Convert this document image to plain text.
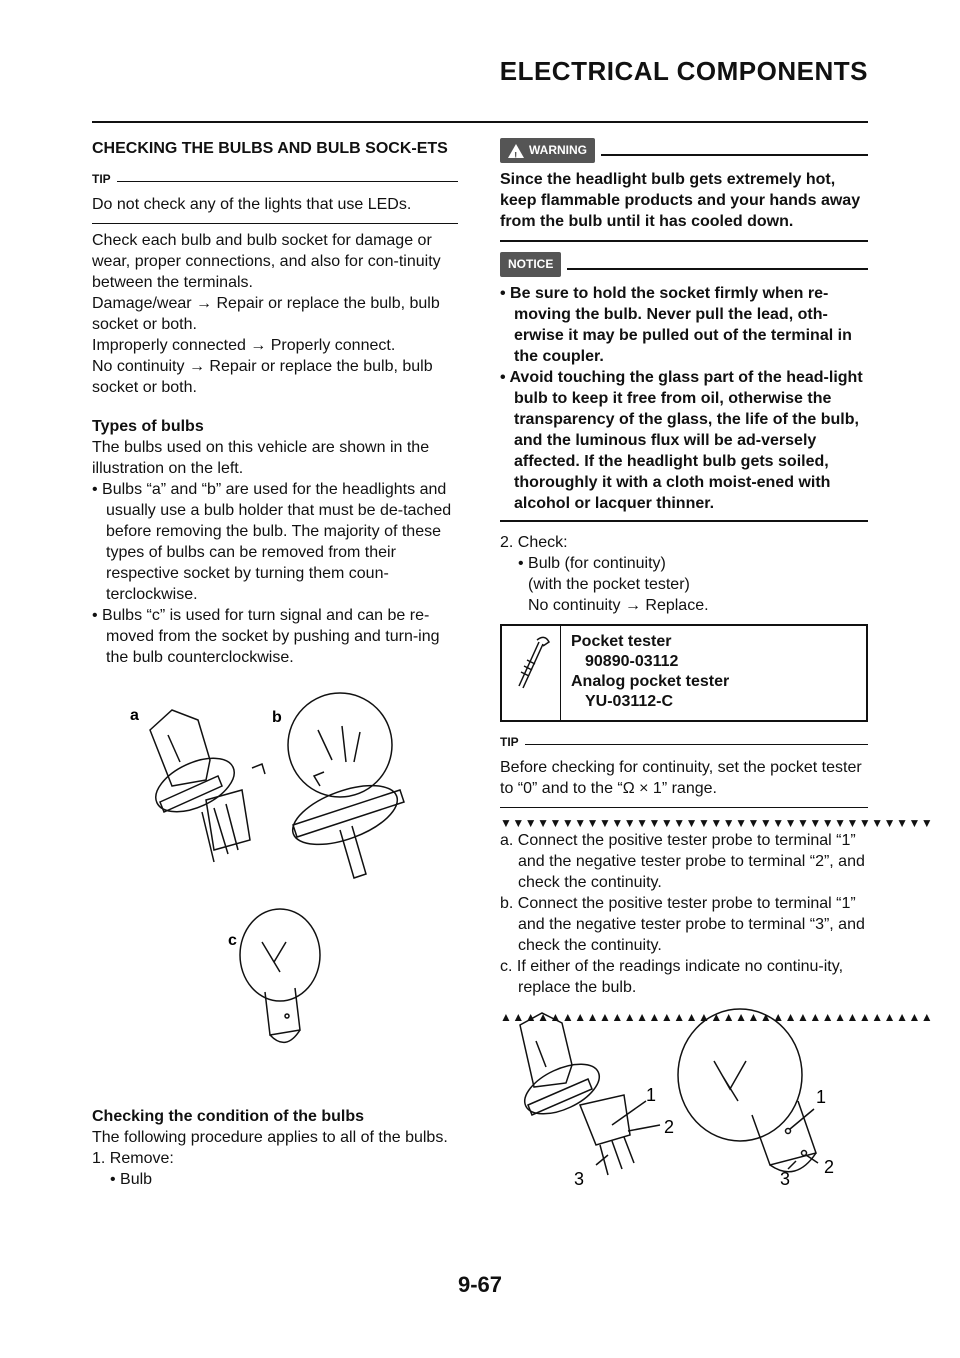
ELECTRICAL COMPONENTS
CHECKING THE BULBS AND BULB SOCK-ETS
TIP
Do not check any of the lights that use LEDs.

Check each bulb and bulb socket for damage or wear, proper connections, and also for con-tinuity between the terminals.

Damage/wear → Repair or replace the bulb, bulb socket or both.

Improperly connected → Properly connect.

No continuity → Repair or replace the bulb, bulb socket or both.

Types of bulbs

The bulbs used on this vehicle are shown in the illustration on the left.

• Bulbs “a” and “b” are used for the headlights and usually use a bulb holder that must be de-tached before removing the bulb. The majority of these types of bulbs can be removed from their respective socket by turning them coun-terclockwise.

• Bulbs “c” is used for turn signal and can be re-moved from the socket by pushing and turn-ing the bulb counterclockwise.

a	b
c

Checking the condition of the bulbs

The following procedure applies to all of the bulbs.

1. Remove:

• Bulb

! WARNING
Since the headlight bulb gets extremely hot, keep flammable products and your hands away from the bulb until it has cooled down.
NOTICE

• Be sure to hold the socket firmly when re-moving the bulb. Never pull the lead, oth-erwise it may be pulled out of the terminal in the coupler.

• Avoid touching the glass part of the head-light bulb to keep it free from oil, otherwise the transparency of the glass, the life of the bulb, and the luminous flux will be ad-versely affected. If the headlight bulb gets soiled, thoroughly it with a cloth moist-ened with alcohol or lacquer thinner.

2. Check:

• Bulb (for continuity)

(with the pocket tester)

No continuity → Replace.

Pocket tester
90890-03112
Analog pocket tester
YU-03112-C
TIP
Before checking for continuity, set the pocket tester to “0” and to the “Ω × 1” range.
▼▼▼▼▼▼▼▼▼▼▼▼▼▼▼▼▼▼▼▼▼▼▼▼▼▼▼▼▼▼▼▼▼▼▼

a. Connect the positive tester probe to terminal “1” and the negative tester probe to terminal “2”, and check the continuity.

b. Connect the positive tester probe to terminal “1” and the negative tester probe to terminal “3”, and check the continuity.

c. If either of the readings indicate no continu-ity, replace the bulb.

▲▲▲▲▲▲▲▲▲▲▲▲▲▲▲▲▲▲▲▲▲▲▲▲▲▲▲▲▲▲▲▲▲▲▲
1
2
3
1
2
3
9-67
